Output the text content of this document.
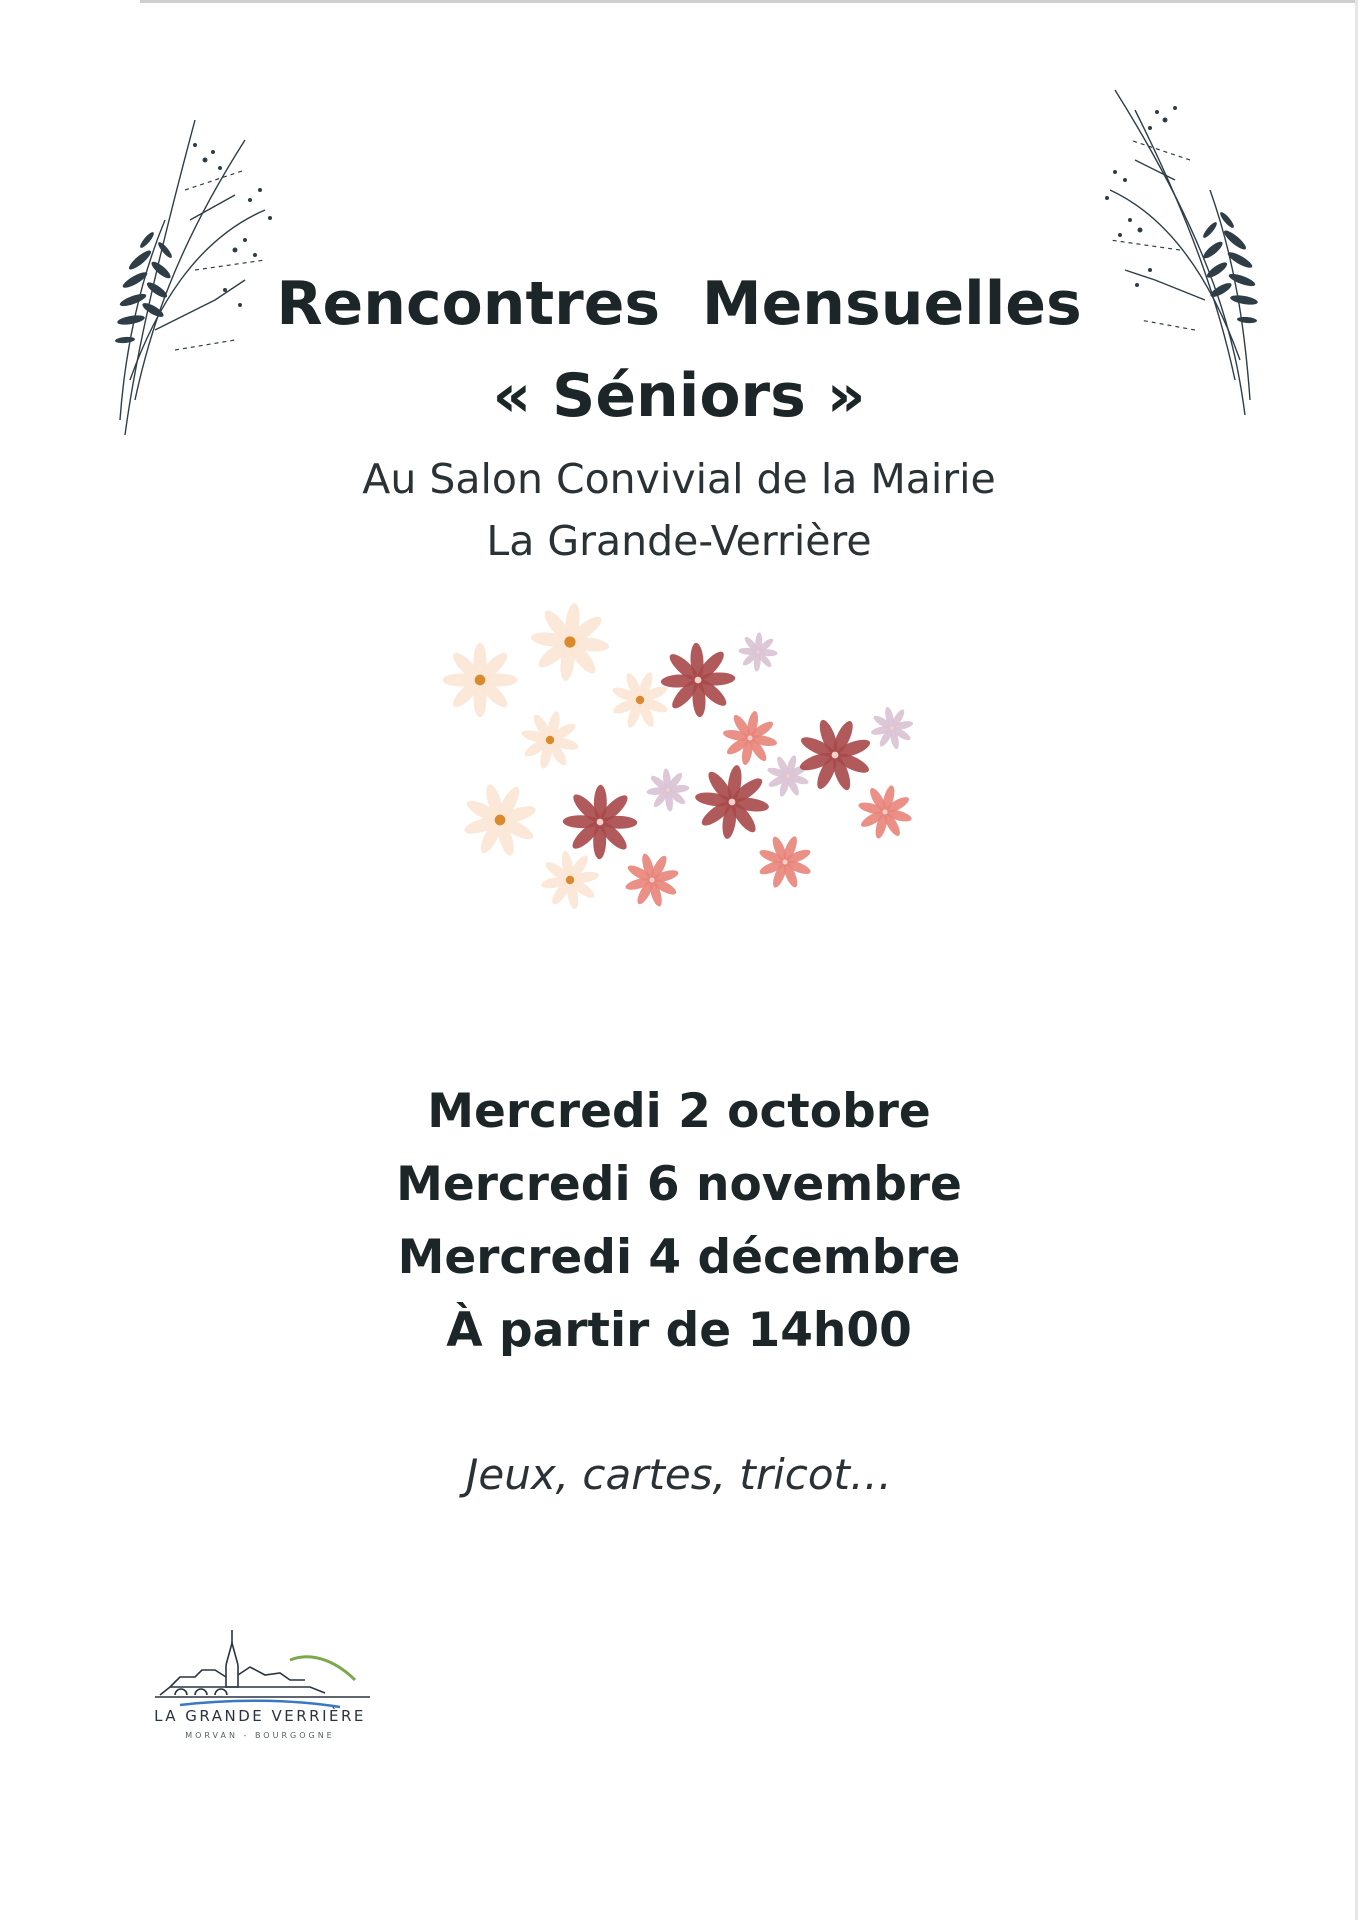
Rencontres  Mensuelles
« Séniors »
Au Salon Convivial de la Mairie
La Grande-Verrière
Mercredi 2 octobre
Mercredi 6 novembre
Mercredi 4 décembre
À partir de 14h00
Jeux, cartes, tricot…
LA GRANDE VERRIÈRE
MORVAN - BOURGOGNE
